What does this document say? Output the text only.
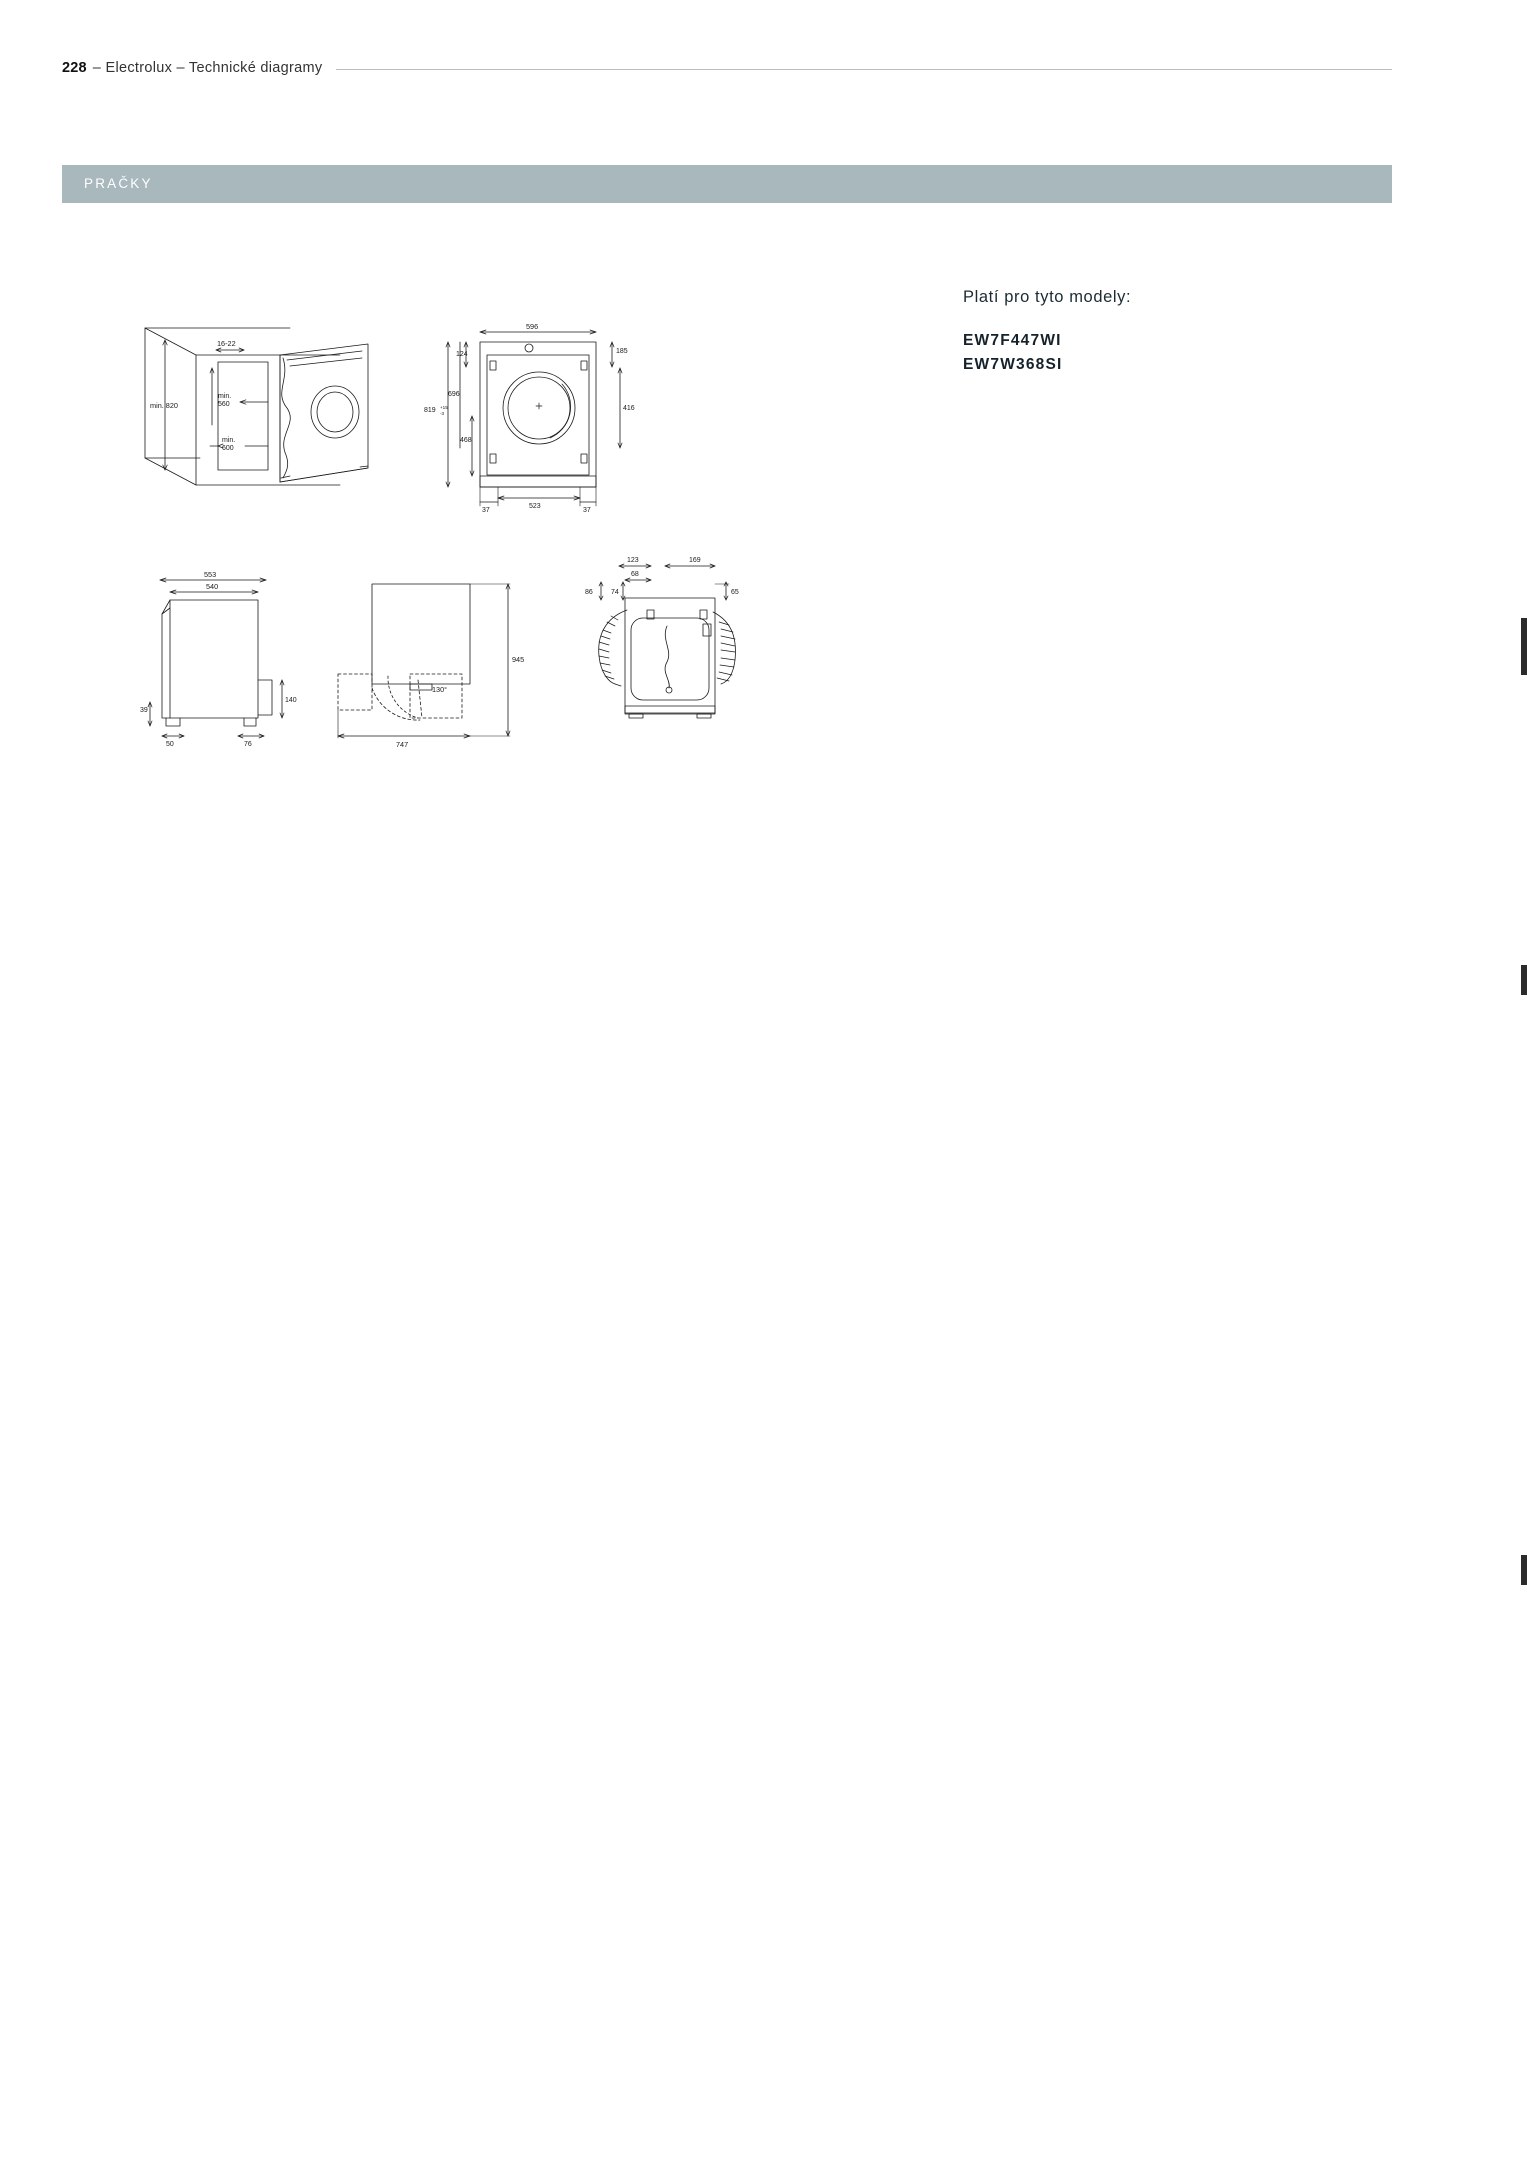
228 – Electrolux – Technické diagramy
PRAČKY
Platí pro tyto modely:
EW7F447WI
EW7W368SI
min. 820
min.
560
min.
600
16-22
596
124
696
468
819 +15
-3
185
416
37
523
37
553
540
39
140
50	76
945
130°
747
123
68
169
86	74	65
